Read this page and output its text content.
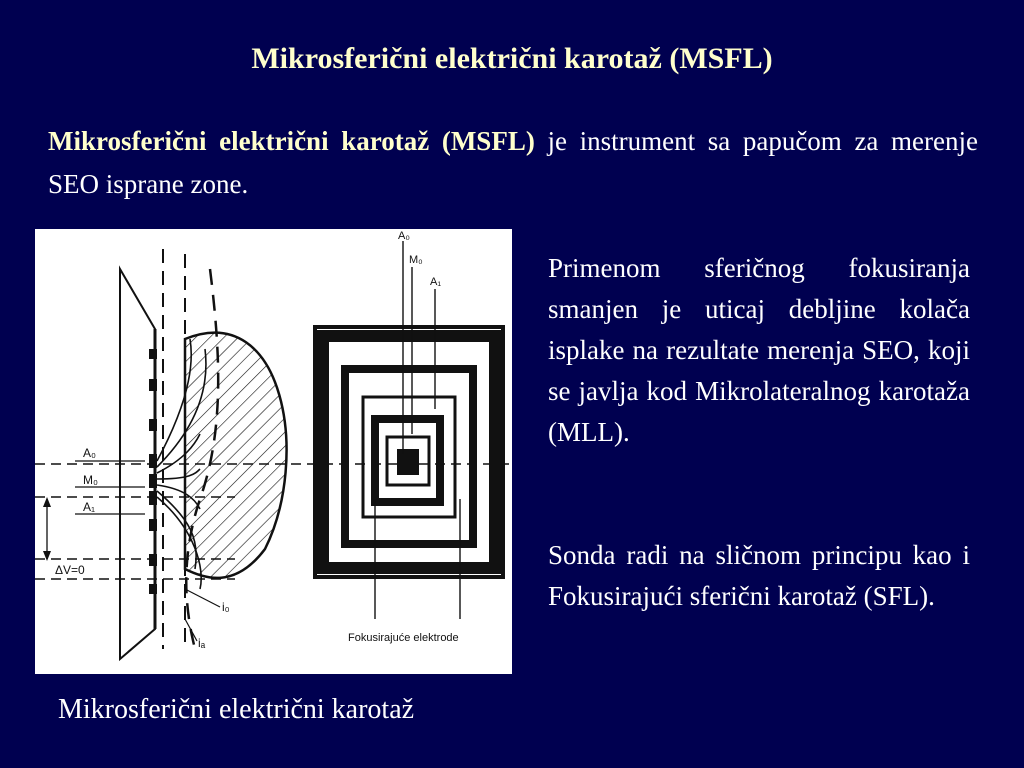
Mikrosferični električni karotaž (MSFL)
Mikrosferični električni karotaž (MSFL) je instrument sa papučom za merenje SEO isprane zone.
A₀
M₀
A₁
ΔV=0
i₀
iₐ
A₀
M₀
A₁
Fokusirajuće elektrode
Mikrosferični električni karotaž
Primenom sferičnog fokusiranja smanjen je uticaj debljine kolača isplake na rezultate merenja SEO, koji se javlja kod Mikrolateralnog karotaža (MLL).
Sonda radi na sličnom principu kao i Fokusirajući sferični karotaž (SFL).
